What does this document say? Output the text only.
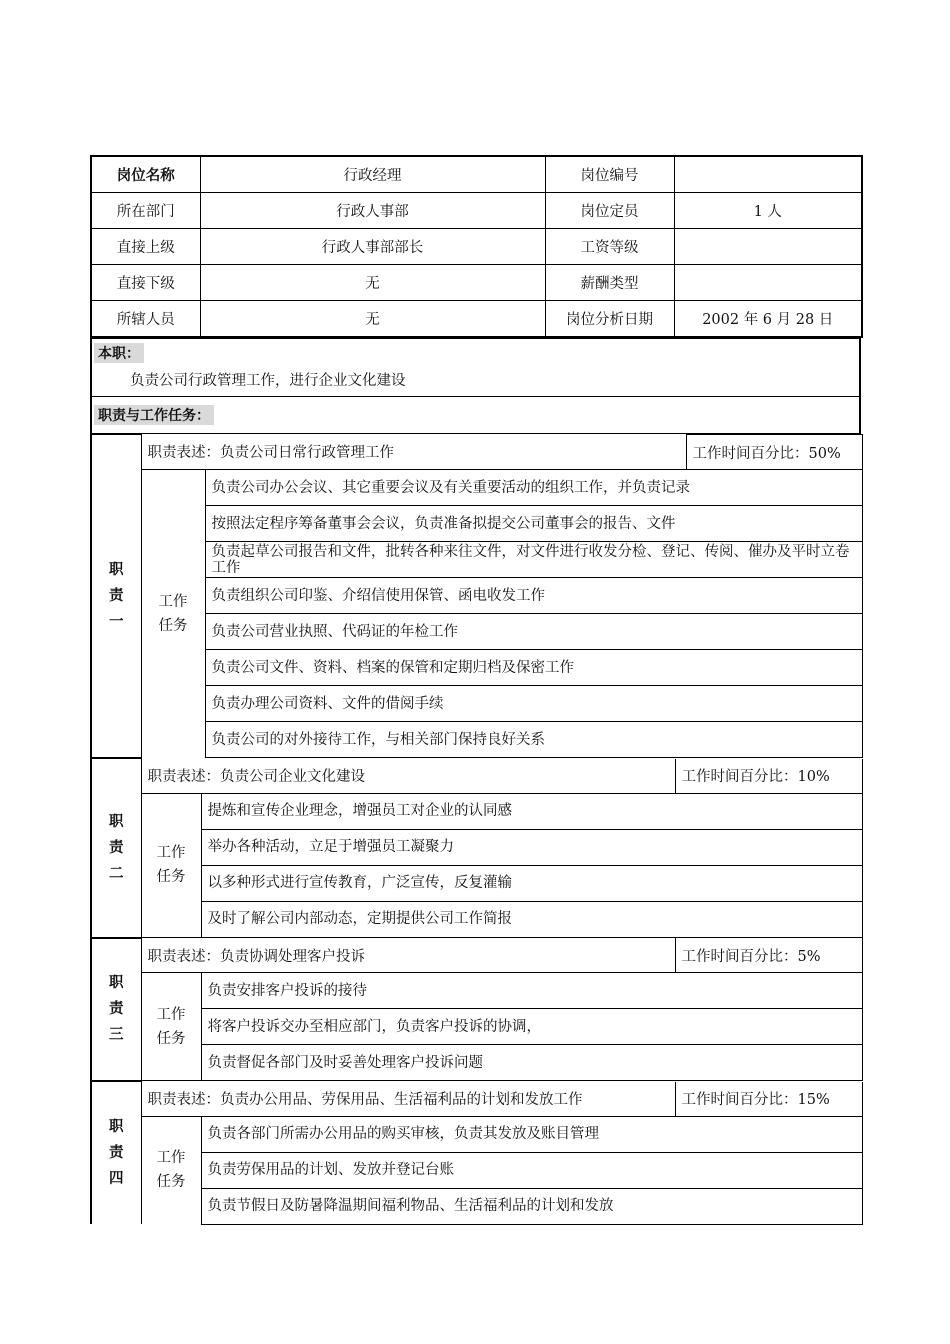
岗位名称	行政经理	岗位编号	
所在部门	行政人事部	岗位定员	1 人
直接上级	行政人事部部长	工资等级	
直接下级	无	薪酬类型	
所辖人员	无	岗位分析日期	2002 年 6 月 28 日
本职：
负责公司行政管理工作，进行企业文化建设

职责与工作任务：
职责一	职责表述：负责公司日常行政管理工作		工作时间百分比：50%
	工作任务	负责公司办公会议、其它重要会议及有关重要活动的组织工作，并负责记录	
		按照法定程序筹备董事会会议，负责准备拟提交公司董事会的报告、文件	
		负责起草公司报告和文件，批转各种来往文件，对文件进行收发分检、登记、传阅、催办及平时立卷工作	
		负责组织公司印鉴、介绍信使用保管、函电收发工作	
		负责公司营业执照、代码证的年检工作	
		负责公司文件、资料、档案的保管和定期归档及保密工作	
		负责办理公司资料、文件的借阅手续	
		负责公司的对外接待工作，与相关部门保持良好关系	
职责二	职责表述：负责公司企业文化建设		工作时间百分比：10%
	工作任务	提炼和宣传企业理念，增强员工对企业的认同感	
		举办各种活动，立足于增强员工凝聚力	
		以多种形式进行宣传教育，广泛宣传，反复灌输	
		及时了解公司内部动态，定期提供公司工作简报	
职责三	职责表述：负责协调处理客户投诉		工作时间百分比：5%
	工作任务	负责安排客户投诉的接待	
		将客户投诉交办至相应部门，负责客户投诉的协调，	
		负责督促各部门及时妥善处理客户投诉问题	
职责四	职责表述：负责办公用品、劳保用品、生活福利品的计划和发放工作		工作时间百分比：15%
	工作任务	负责各部门所需办公用品的购买审核，负责其发放及账目管理	
		负责劳保用品的计划、发放并登记台账	
		负责节假日及防暑降温期间福利物品、生活福利品的计划和发放	
